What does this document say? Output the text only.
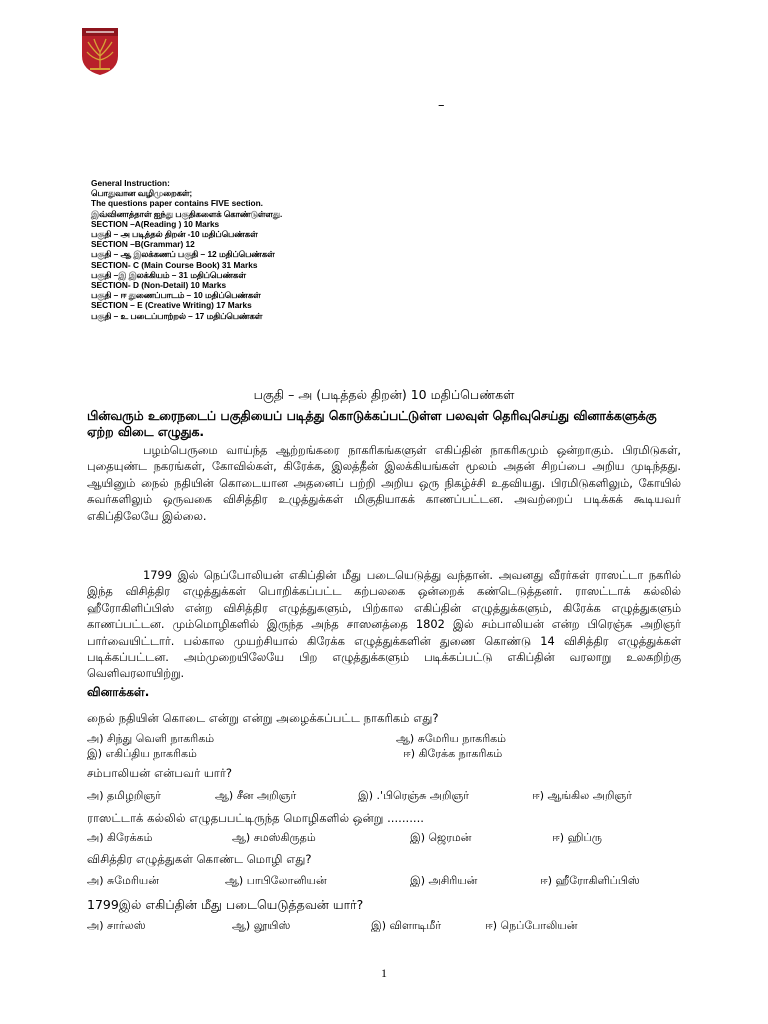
–
General Instruction:
பொதுவான வழிமுறைகள்;
The questions paper contains FIVE section.
இவ்வினாத்தாள் ஐந்து பகுதிகளைக் கொண்டுள்ளது.
SECTION –A(Reading ) 10 Marks
பகுதி – அ படித்தல் திறன் -10 மதிப்பெண்கள்
SECTION –B(Grammar) 12
பகுதி – ஆ இலக்கணப் பகுதி – 12 மதிப்பெண்கள்
SECTION- C (Main Course Book) 31 Marks
பகுதி –இ இலக்கியம் – 31 மதிப்பெண்கள்
SECTION- D (Non-Detail) 10 Marks
பகுதி – ஈ துணைப்பாடம் – 10 மதிப்பெண்கள்
SECTION – E (Creative Writing) 17 Marks
பகுதி – உ படைப்பாற்றல் – 17 மதிப்பெண்கள்
பகுதி – அ (படித்தல் திறன்) 10 மதிப்பெண்கள்
பின்வரும் உரைநடைப் பகுதியைப் படித்து கொடுக்கப்பட்டுள்ள பலவுள் தெரிவுசெய்து வினாக்களுக்கு ஏற்ற விடை எழுதுக.
பழம்பெருமை வாய்ந்த ஆற்றங்கரை நாகரிகங்களுள் எகிப்தின் நாகரிகமும் ஒன்றாகும். பிரமிடுகள், புதையுண்ட நகரங்கள், கோவில்கள், கிரேக்க, இலத்தீன் இலக்கியங்கள் மூலம் அதன் சிறப்பை அறிய முடிந்தது. ஆயினும் நைல் நதியின் கொடையான அதனைப் பற்றி அறிய ஒரு நிகழ்ச்சி உதவியது. பிரமிடுகளிலும், கோயில் சுவர்களிலும் ஒருவகை விசித்திர உழுத்துக்கள் மிகுதியாகக் காணப்பட்டன. அவற்றைப் படிக்கக் கூடியவர் எகிப்திலேயே இல்லை.
1799 இல் நெப்போலியன் எகிப்தின் மீது படையெடுத்து வந்தான். அவனது வீரர்கள் ராஸட்டா நகரில் இந்த விசித்திர எழுத்துக்கள் பொறிக்கப்பட்ட கற்பலகை ஒன்றைக் கண்டெடுத்தனர். ராஸட்டாக் கல்லில் ஹீரோகிளிப்பிஸ் என்ற விசித்திர எழுத்துகளும், பிற்கால எகிப்தின் எழுத்துக்களும், கிரேக்க எழுத்துகளும் காணப்பட்டன. மும்மொழிகளில் இருந்த அந்த சாஸனத்தை 1802 இல் சம்பாலியன் என்ற பிரெஞ்சு அறிஞர் பார்வையிட்டார். பல்கால முயற்சியால் கிரேக்க எழுத்துக்களின் துணை கொண்டு 14 விசித்திர எழுத்துக்கள் படிக்கப்பட்டன. அம்முறையிலேயே பிற எழுத்துக்களும் படிக்கப்பட்டு எகிப்தின் வரலாறு உலகறிற்கு வெளிவரலாயிற்று.
வினாக்கள்.
நைல் நதியின் கொடை என்று என்று அழைக்கப்பட்ட நாகரிகம் எது?
அ) சிந்து வெளி நாகரிகம்	ஆ) சுமேரிய நாகரிகம்
இ) எகிப்திய நாகரிகம்	ஈ) கிரேக்க நாகரிகம்
சம்பாலியன் என்பவர் யார்?
அ) தமிழறிஞர்	ஆ) சீன அறிஞர்	இ) .'பிரெஞ்சு அறிஞர்	ஈ) ஆங்கில அறிஞர்
ராஸட்டாக் கல்லில் எழுதபபட்டிருந்த மொழிகளில் ஒன்று ..........
அ) கிரேக்கம்	ஆ) சமஸ்கிருதம்	இ) ஜெரமன்	ஈ) ஹிப்ரு
விசித்திர எழுத்துகள் கொண்ட மொழி எது?
அ) சுமேரியன்	ஆ) பாபிலோனியன்	இ) அசிரியன்	ஈ) ஹீரோகிளிப்பிஸ்
1799இல் எகிப்தின் மீது படையெடுத்தவன் யார்?
அ) சார்லஸ்	ஆ) லூயிஸ்	இ) விளாடிமீர்	ஈ) நெப்போலியன்
1
